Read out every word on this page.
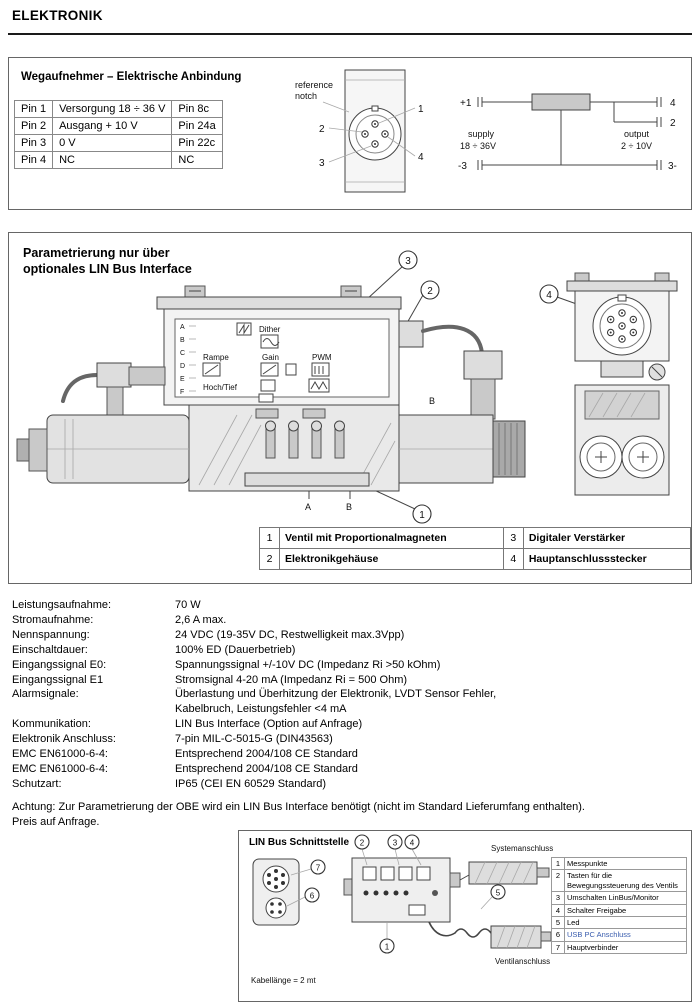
ELEKTRONIK
Wegaufnehmer – Elektrische Anbindung
Pin 1	Versorgung 18 ÷ 36 V	Pin 8c
Pin 2	Ausgang + 10 V	Pin 24a
Pin 3	0 V	Pin 22c
Pin 4	NC	NC
reference
notch
1
2
3
4
+1	4
2
supply
18 ÷ 36V
output
2 ÷ 10V
-3	3-
A
B
C
D
E
F
Dither
Rampe	Gain	PWM
Hoch/Tief
A	B
B
3
2	4
1
Parametrierung nur über
optionales LIN Bus Interface
1	Ventil mit Proportionalmagneten	3	Digitaler Verstärker
2	Elektronikgehäuse	4	Hauptanschlussstecker
Leistungsaufnahme:	70 W
Stromaufnahme:	2,6 A max.
Nennspannung:	24 VDC (19-35V DC, Restwelligkeit max.3Vpp)
Einschaltdauer:	100% ED (Dauerbetrieb)
Eingangssignal E0:	Spannungssignal +/-10V DC (Impedanz Ri >50 kOhm)
Eingangssignal E1	Stromsignal 4-20 mA (Impedanz Ri = 500 Ohm)
Alarmsignale:	Überlastung und Überhitzung der Elektronik, LVDT Sensor Fehler,
Kabelbruch, Leistungsfehler <4 mA
Kommunikation:	LIN Bus Interface (Option auf Anfrage)
Elektronik Anschluss:	7-pin MIL-C-5015-G (DIN43563)
EMC EN61000-6-4:	Entsprechend 2004/108 CE Standard
EMC EN61000-6-4:	Entsprechend 2004/108 CE Standard
Schutzart:	IP65 (CEI EN 60529 Standard)
Achtung: Zur Parametrierung der OBE wird ein LIN Bus Interface benötigt (nicht im Standard Lieferumfang enthalten).
Preis auf Anfrage.
7
6
2	3 4
1
Systemanschluss
5
Ventilanschluss
Kabellänge = 2 mt
LIN Bus Schnittstelle
1	Messpunkte
2	Tasten für die Bewegungssteuerung des Ventils
3	Umschalten LinBus/Monitor
4	Schalter Freigabe
5	Led
6	USB PC Anschluss
7	Hauptverbinder
